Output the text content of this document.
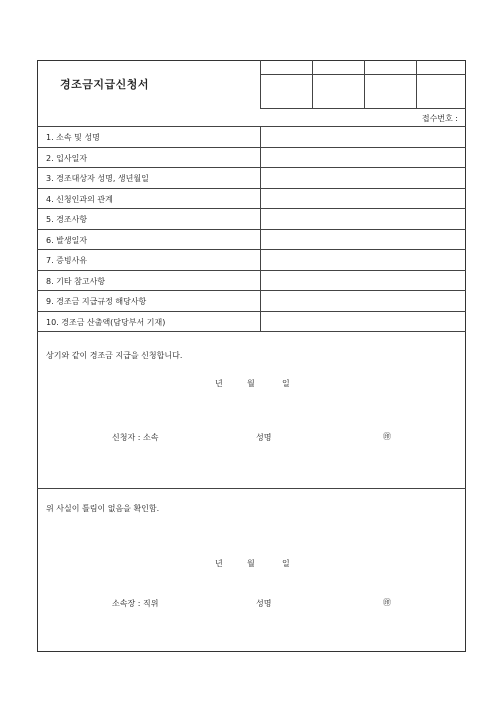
경조금지급신청서
접수번호 :
1. 소속 및 성명
2. 입사일자
3. 경조대상자 성명, 생년월일
4. 신청인과의 관계
5. 경조사항
6. 발생일자
7. 증빙사유
8. 기타 참고사항
9. 경조금 지급규정 해당사항
10. 경조금 산출액(담당부서 기재)
상기와 같이 경조금 지급을 신청합니다.
년	월	일
신청자 : 소속	성명	㊞
위 사실이 틀림이 없음을 확인함.
년	월	일
소속장 : 직위	성명	㊞
